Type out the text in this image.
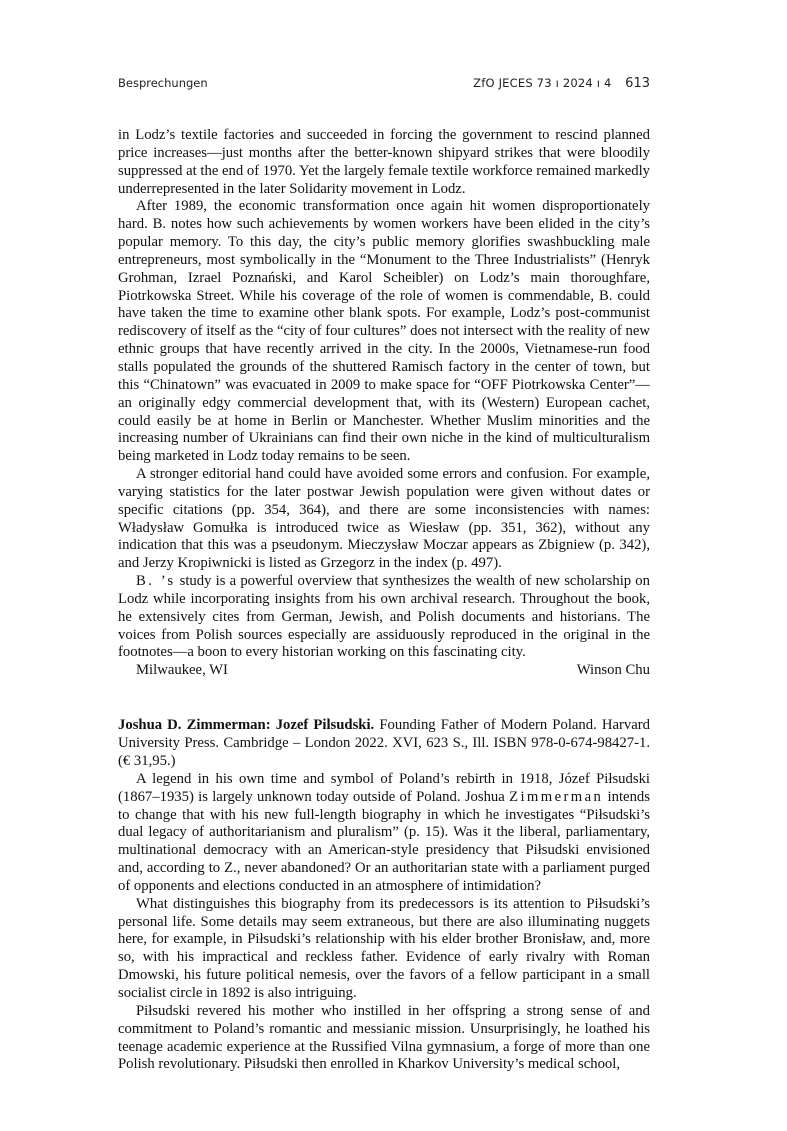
Besprechungen	ZfO JECES 73 ı 2024 ı 4 613

in Lodz’s textile factories and succeeded in forcing the government to rescind planned price increases—just months after the better-known shipyard strikes that were bloodily suppressed at the end of 1970. Yet the largely female textile workforce remained markedly underrepresented in the later Solidarity movement in Lodz.

After 1989, the economic transformation once again hit women disproportionately hard. B. notes how such achievements by women workers have been elided in the city’s popular memory. To this day, the city’s public memory glorifies swashbuckling male entrepreneurs, most symbolically in the “Monument to the Three Industrialists” (Henryk Grohman, Izrael Poznański, and Karol Scheibler) on Lodz’s main thoroughfare, Piotrkowska Street. While his coverage of the role of women is commendable, B. could have taken the time to examine other blank spots. For example, Lodz’s post-communist rediscovery of itself as the “city of four cultures” does not intersect with the reality of new ethnic groups that have recently arrived in the city. In the 2000s, Vietnamese-run food stalls populated the grounds of the shuttered Ramisch factory in the center of town, but this “Chinatown” was evacuated in 2009 to make space for “OFF Piotrkowska Center”—an originally edgy commercial development that, with its (Western) European cachet, could easily be at home in Berlin or Manchester. Whether Muslim minorities and the increasing number of Ukrainians can find their own niche in the kind of multiculturalism being marketed in Lodz today remains to be seen.

A stronger editorial hand could have avoided some errors and confusion. For example, varying statistics for the later postwar Jewish population were given without dates or specific citations (pp. 354, 364), and there are some inconsistencies with names: Władysław Gomułka is introduced twice as Wiesław (pp. 351, 362), without any indication that this was a pseudonym. Mieczysław Moczar appears as Zbigniew (p. 342), and Jerzy Kropiwnicki is listed as Grzegorz in the index (p. 497).

B. ’s study is a powerful overview that synthesizes the wealth of new scholarship on Lodz while incorporating insights from his own archival research. Throughout the book, he extensively cites from German, Jewish, and Polish documents and historians. The voices from Polish sources especially are assiduously reproduced in the original in the footnotes—a boon to every historian working on this fascinating city.

Milwaukee, WI	Winson Chu

Joshua D. Zimmerman: Jozef Pilsudski. Founding Father of Modern Poland. Harvard University Press. Cambridge – London 2022. XVI, 623 S., Ill. ISBN 978-0-674-98427-1. (€ 31,95.)

A legend in his own time and symbol of Poland’s rebirth in 1918, Józef Piłsudski (1867–1935) is largely unknown today outside of Poland. Joshua Zimmerman intends to change that with his new full-length biography in which he investigates “Piłsudski’s dual legacy of authoritarianism and pluralism” (p. 15). Was it the liberal, parliamentary, multinational democracy with an American-style presidency that Piłsudski envisioned and, according to Z., never abandoned? Or an authoritarian state with a parliament purged of opponents and elections conducted in an atmosphere of intimidation?

What distinguishes this biography from its predecessors is its attention to Piłsudski’s personal life. Some details may seem extraneous, but there are also illuminating nuggets here, for example, in Piłsudski’s relationship with his elder brother Bronisław, and, more so, with his impractical and reckless father. Evidence of early rivalry with Roman Dmowski, his future political nemesis, over the favors of a fellow participant in a small socialist circle in 1892 is also intriguing.

Piłsudski revered his mother who instilled in her offspring a strong sense of and commitment to Poland’s romantic and messianic mission. Unsurprisingly, he loathed his teenage academic experience at the Russified Vilna gymnasium, a forge of more than one Polish revolutionary. Piłsudski then enrolled in Kharkov University’s medical school,
